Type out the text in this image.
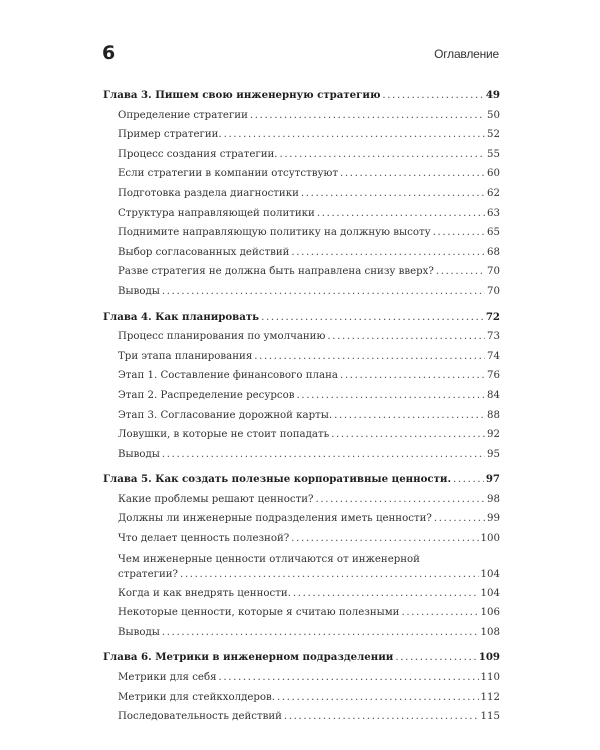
6	Оглавление
Глава 3. Пишем свою инженерную стратегию . . .	49
Определение стратегии . . .	50
Пример стратегии. . . .	52
Процесс создания стратегии. . . .	55
Если стратегии в компании отсутствуют . . .	60
Подготовка раздела диагностики . . .	62
Структура направляющей политики . . .	63
Поднимите направляющую политику на должную высоту . . .	65
Выбор согласованных действий . . .	68
Разве стратегия не должна быть направлена снизу вверх? . . .	70
Выводы . . .	70
Глава 4. Как планировать . . .	72
Процесс планирования по умолчанию . . .	73
Три этапа планирования . . .	74
Этап 1. Составление финансового плана . . .	76
Этап 2. Распределение ресурсов . . .	84
Этап 3. Согласование дорожной карты. . . .	88
Ловушки, в которые не стоит попадать . . .	92
Выводы . . .	95
Глава 5. Как создать полезные корпоративные ценности. . . .	97
Какие проблемы решают ценности? . . .	98
Должны ли инженерные подразделения иметь ценности? . . .	99
Что делает ценность полезной? . . .	100
Чем инженерные ценности отличаются от инженерной
стратегии? . . .	104
Когда и как внедрять ценности. . . .	104
Некоторые ценности, которые я считаю полезными . . .	106
Выводы . . .	108
Глава 6. Метрики в инженерном подразделении . . .	109
Метрики для себя . . .	110
Метрики для стейкхолдеров. . . .	112
Последовательность действий . . .	115
